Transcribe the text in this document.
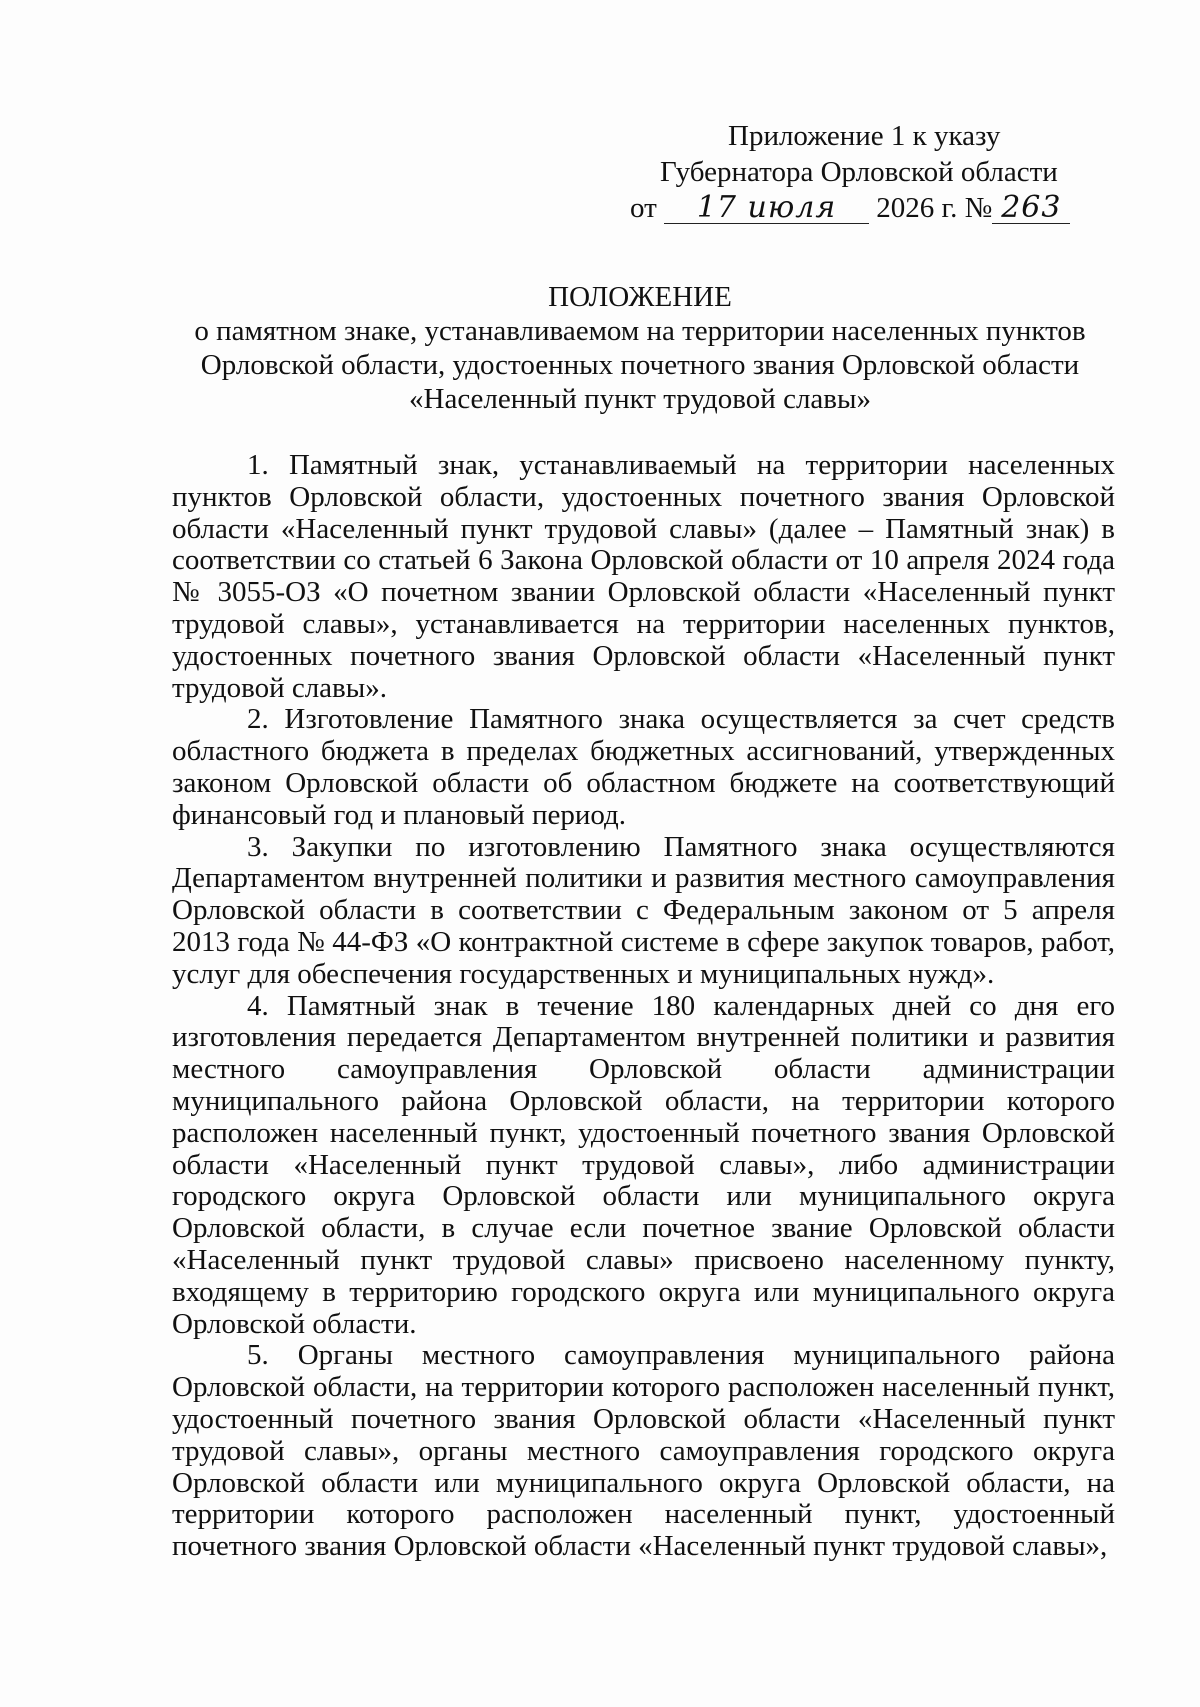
Приложение 1 к указу
Губернатора Орловской области
от 17 июля 2026 г. № 263
ПОЛОЖЕНИЕ
о памятном знаке, устанавливаемом на территории населенных пунктов
Орловской области, удостоенных почетного звания Орловской области
«Населенный пункт трудовой славы»

1. Памятный знак, устанавливаемый на территории населенных пунктов Орловской области, удостоенных почетного звания Орловской области «Населенный пункт трудовой славы» (далее – Памятный знак) в соответствии со статьей 6 Закона Орловской области от 10 апреля 2024 года № 3055-ОЗ «О почетном звании Орловской области «Населенный пункт трудовой славы», устанавливается на территории населенных пунктов, удостоенных почетного звания Орловской области «Населенный пункт трудовой славы».

2. Изготовление Памятного знака осуществляется за счет средств областного бюджета в пределах бюджетных ассигнований, утвержденных законом Орловской области об областном бюджете на соответствующий финансовый год и плановый период.

3. Закупки по изготовлению Памятного знака осуществляются Департаментом внутренней политики и развития местного самоуправления Орловской области в соответствии с Федеральным законом от 5 апреля 2013 года № 44-ФЗ «О контрактной системе в сфере закупок товаров, работ, услуг для обеспечения государственных и муниципальных нужд».

4. Памятный знак в течение 180 календарных дней со дня его изготовления передается Департаментом внутренней политики и развития местного самоуправления Орловской области администрации муниципального района Орловской области, на территории которого расположен населенный пункт, удостоенный почетного звания Орловской области «Населенный пункт трудовой славы», либо администрации городского округа Орловской области или муниципального округа Орловской области, в случае если почетное звание Орловской области «Населенный пункт трудовой славы» присвоено населенному пункту, входящему в территорию городского округа или муниципального округа Орловской области.

5. Органы местного самоуправления муниципального района Орловской области, на территории которого расположен населенный пункт, удостоенный почетного звания Орловской области «Населенный пункт трудовой славы», органы местного самоуправления городского округа Орловской области или муниципального округа Орловской области, на территории которого расположен населенный пункт, удостоенный почетного звания Орловской области «Населенный пункт трудовой славы»,
